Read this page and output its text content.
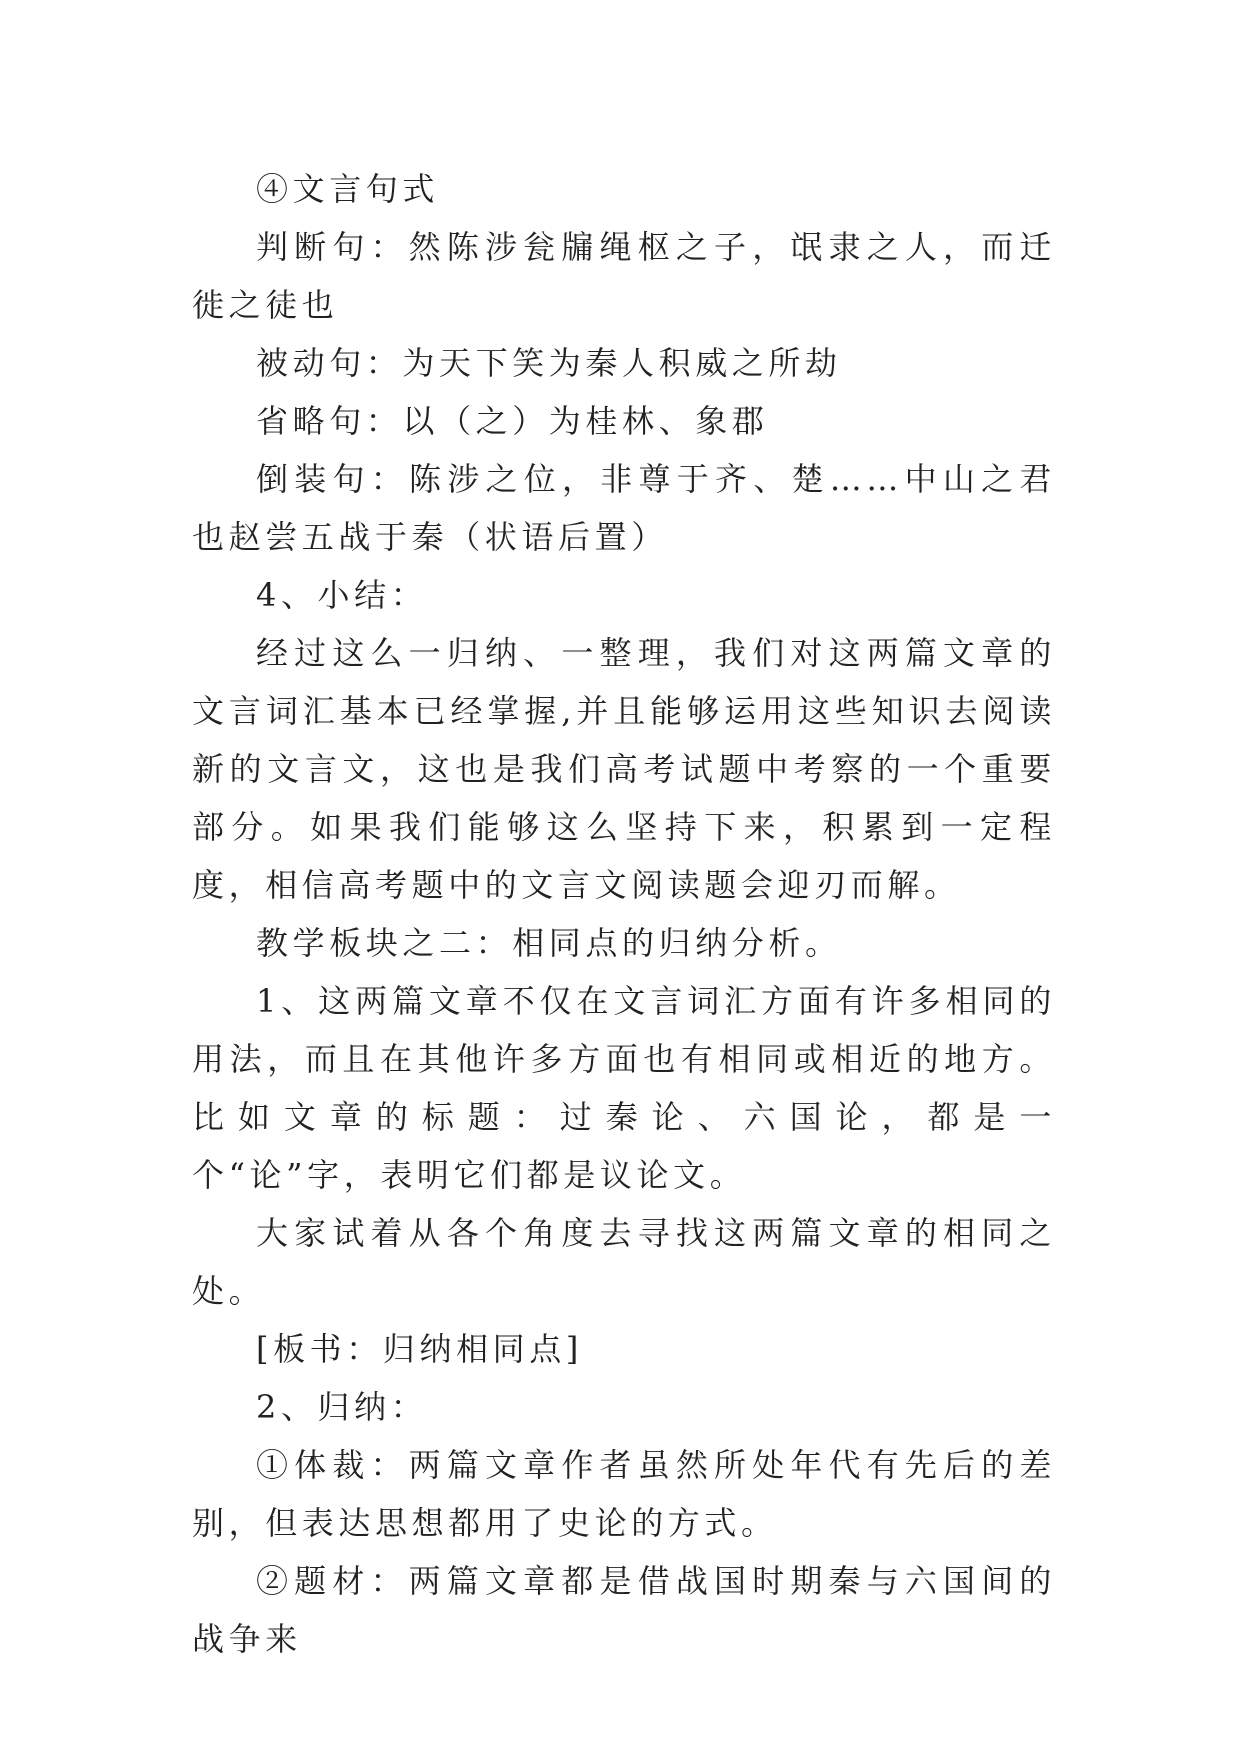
④文言句式

判断句：然陈涉瓮牖绳枢之子，氓隶之人，而迁徙之徒也

被动句：为天下笑为秦人积威之所劫

省略句：以（之）为桂林、象郡

倒装句：陈涉之位，非尊于齐、楚……中山之君也赵尝五战于秦（状语后置）

4、小结：

经过这么一归纳、一整理，我们对这两篇文章的文言词汇基本已经掌握,并且能够运用这些知识去阅读新的文言文，这也是我们高考试题中考察的一个重要部分。如果我们能够这么坚持下来，积累到一定程度，相信高考题中的文言文阅读题会迎刃而解。

教学板块之二：相同点的归纳分析。

1、这两篇文章不仅在文言词汇方面有许多相同的用法，而且在其他许多方面也有相同或相近的地方。比如文章的标题：过秦论、六国论，都是一个“论”字，表明它们都是议论文。

大家试着从各个角度去寻找这两篇文章的相同之处。

[板书：归纳相同点]

2、归纳：

①体裁：两篇文章作者虽然所处年代有先后的差别，但表达思想都用了史论的方式。

②题材：两篇文章都是借战国时期秦与六国间的战争来
